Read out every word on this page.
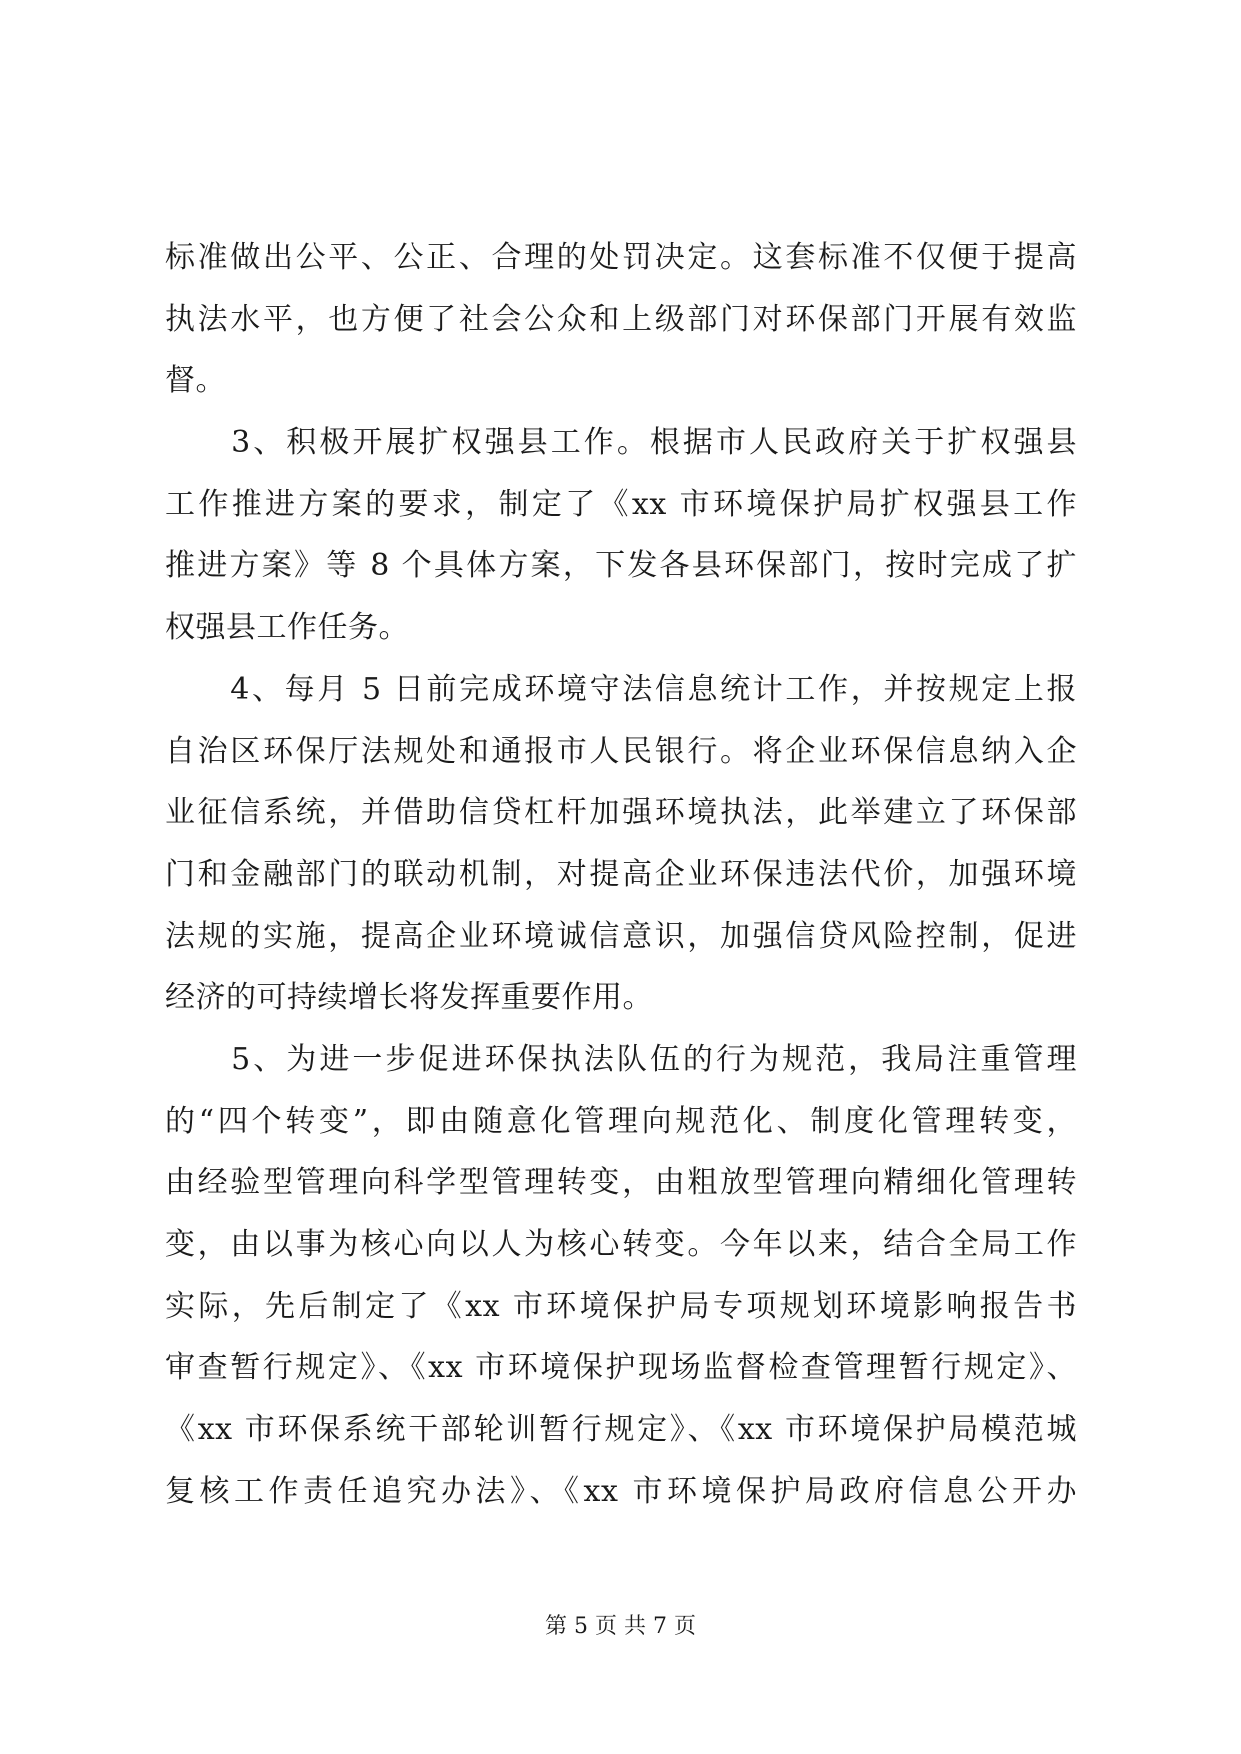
标准做出公平、公正、合理的处罚决定。这套标准不仅便于提高
执法水平，也方便了社会公众和上级部门对环保部门开展有效监
督。
　　3、积极开展扩权强县工作。根据市人民政府关于扩权强县
工作推进方案的要求，制定了《xx 市环境保护局扩权强县工作
推进方案》等 8 个具体方案，下发各县环保部门，按时完成了扩
权强县工作任务。
　　4、每月 5 日前完成环境守法信息统计工作，并按规定上报
自治区环保厅法规处和通报市人民银行。将企业环保信息纳入企
业征信系统，并借助信贷杠杆加强环境执法，此举建立了环保部
门和金融部门的联动机制，对提高企业环保违法代价，加强环境
法规的实施，提高企业环境诚信意识，加强信贷风险控制，促进
经济的可持续增长将发挥重要作用。
　　5、为进一步促进环保执法队伍的行为规范，我局注重管理
的“四个转变”，即由随意化管理向规范化、制度化管理转变，
由经验型管理向科学型管理转变，由粗放型管理向精细化管理转
变，由以事为核心向以人为核心转变。今年以来，结合全局工作
实际，先后制定了《xx 市环境保护局专项规划环境影响报告书
审查暂行规定》、《xx 市环境保护现场监督检查管理暂行规定》、
《xx 市环保系统干部轮训暂行规定》、《xx 市环境保护局模范城
复核工作责任追究办法》、《xx 市环境保护局政府信息公开办
第 5 页 共 7 页
